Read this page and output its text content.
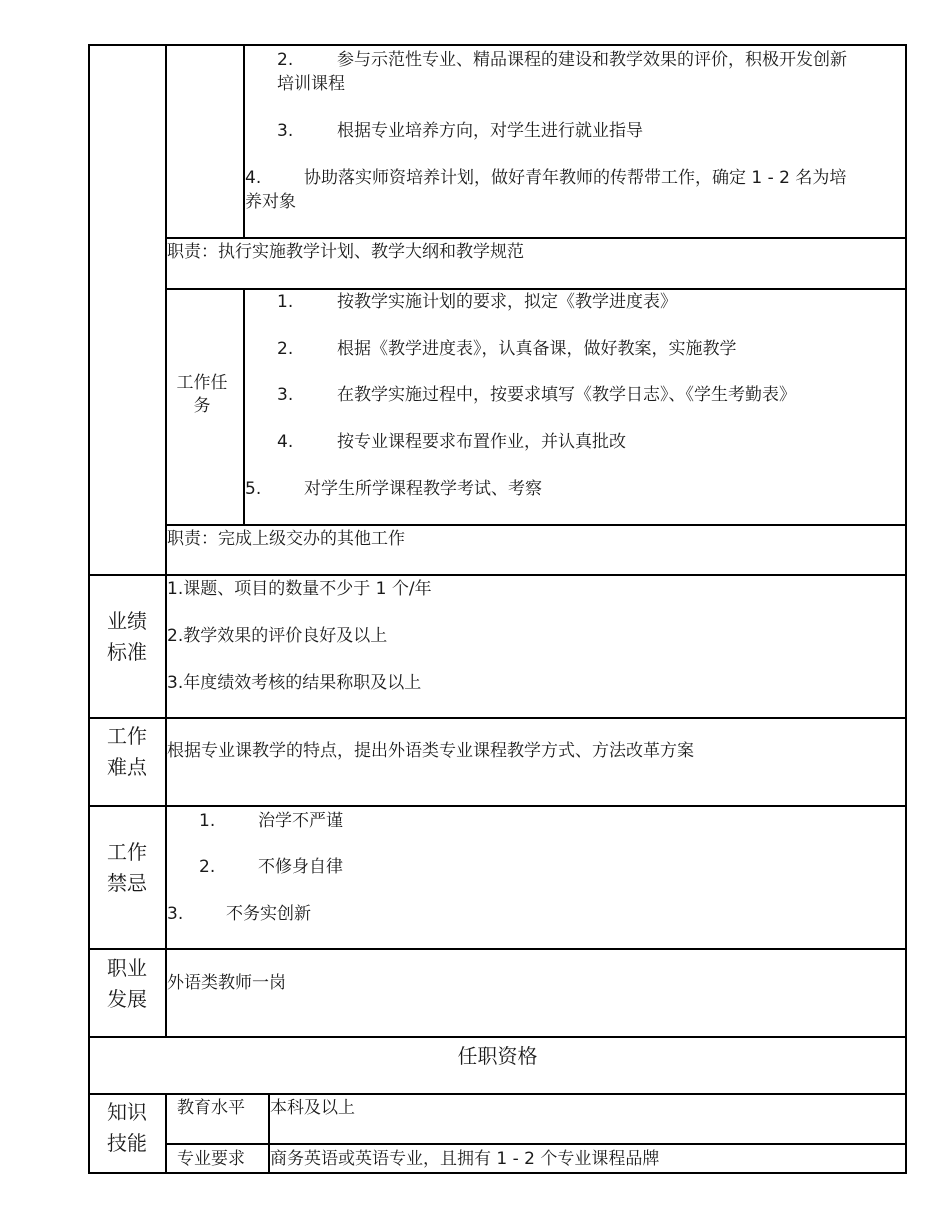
2.	参与示范性专业、精品课程的建设和教学效果的评价，积极开发创新
培训课程
3.	根据专业培养方向，对学生进行就业指导
4.	协助落实师资培养计划，做好青年教师的传帮带工作，确定 1 - 2 名为培
养对象
职责：执行实施教学计划、教学大纲和教学规范
工作任务
1.	按教学实施计划的要求，拟定《教学进度表》
2.	根据《教学进度表》，认真备课，做好教案，实施教学
3.	在教学实施过程中，按要求填写《教学日志》、《学生考勤表》
4.	按专业课程要求布置作业，并认真批改
5.	对学生所学课程教学考试、考察
职责：完成上级交办的其他工作
业绩标准
1.课题、项目的数量不少于 1 个/年
2.教学效果的评价良好及以上
3.年度绩效考核的结果称职及以上
工作难点
根据专业课教学的特点，提出外语类专业课程教学方式、方法改革方案
工作禁忌
1.	治学不严谨
2.	不修身自律
3.	不务实创新
职业发展
外语类教师一岗
任职资格
知识技能
教育水平 本科及以上
专业要求 商务英语或英语专业，且拥有 1 - 2 个专业课程品牌
